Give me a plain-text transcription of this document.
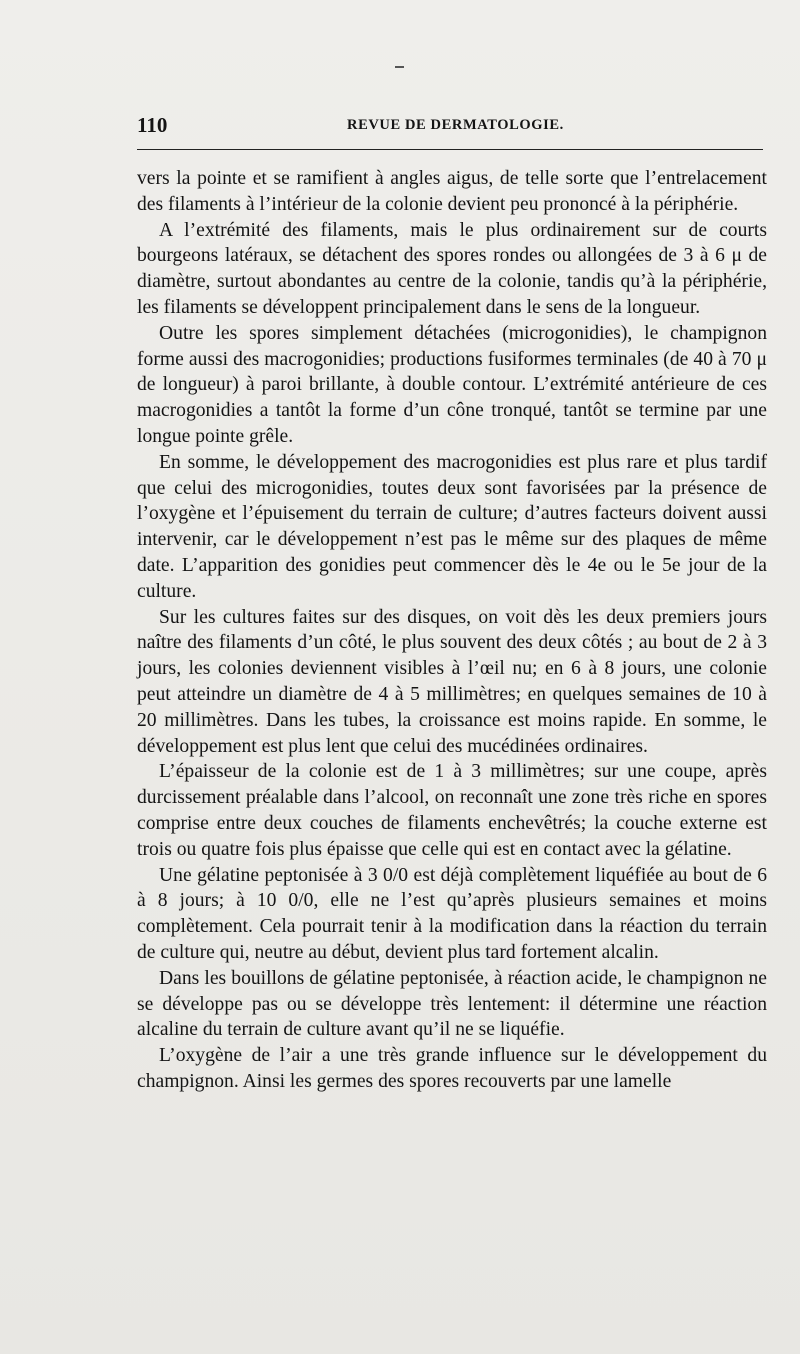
110	REVUE DE DERMATOLOGIE.

vers la pointe et se ramifient à angles aigus, de telle sorte que l’entrelacement des filaments à l’intérieur de la colonie devient peu prononcé à la périphérie.

A l’extrémité des filaments, mais le plus ordinairement sur de courts bourgeons latéraux, se détachent des spores rondes ou allongées de 3 à 6 μ de diamètre, surtout abondantes au centre de la colonie, tandis qu’à la périphérie, les filaments se développent principalement dans le sens de la longueur.

Outre les spores simplement détachées (microgonidies), le champignon forme aussi des macrogonidies; productions fusiformes terminales (de 40 à 70 μ de longueur) à paroi brillante, à double contour. L’extrémité antérieure de ces macrogonidies a tantôt la forme d’un cône tronqué, tantôt se termine par une longue pointe grêle.

En somme, le développement des macrogonidies est plus rare et plus tardif que celui des microgonidies, toutes deux sont favorisées par la présence de l’oxygène et l’épuisement du terrain de culture; d’autres facteurs doivent aussi intervenir, car le développement n’est pas le même sur des plaques de même date. L’apparition des gonidies peut commencer dès le 4e ou le 5e jour de la culture.

Sur les cultures faites sur des disques, on voit dès les deux premiers jours naître des filaments d’un côté, le plus souvent des deux côtés ; au bout de 2 à 3 jours, les colonies deviennent visibles à l’œil nu; en 6 à 8 jours, une colonie peut atteindre un diamètre de 4 à 5 millimètres; en quelques semaines de 10 à 20 millimètres. Dans les tubes, la croissance est moins rapide. En somme, le développement est plus lent que celui des mucédinées ordinaires.

L’épaisseur de la colonie est de 1 à 3 millimètres; sur une coupe, après durcissement préalable dans l’alcool, on reconnaît une zone très riche en spores comprise entre deux couches de filaments enchevêtrés; la couche externe est trois ou quatre fois plus épaisse que celle qui est en contact avec la gélatine.

Une gélatine peptonisée à 3 0/0 est déjà complètement liquéfiée au bout de 6 à 8 jours; à 10 0/0, elle ne l’est qu’après plusieurs semaines et moins complètement. Cela pourrait tenir à la modification dans la réaction du terrain de culture qui, neutre au début, devient plus tard fortement alcalin.

Dans les bouillons de gélatine peptonisée, à réaction acide, le champignon ne se développe pas ou se développe très lentement: il détermine une réaction alcaline du terrain de culture avant qu’il ne se liquéfie.

L’oxygène de l’air a une très grande influence sur le développement du champignon. Ainsi les germes des spores recouverts par une lamelle
